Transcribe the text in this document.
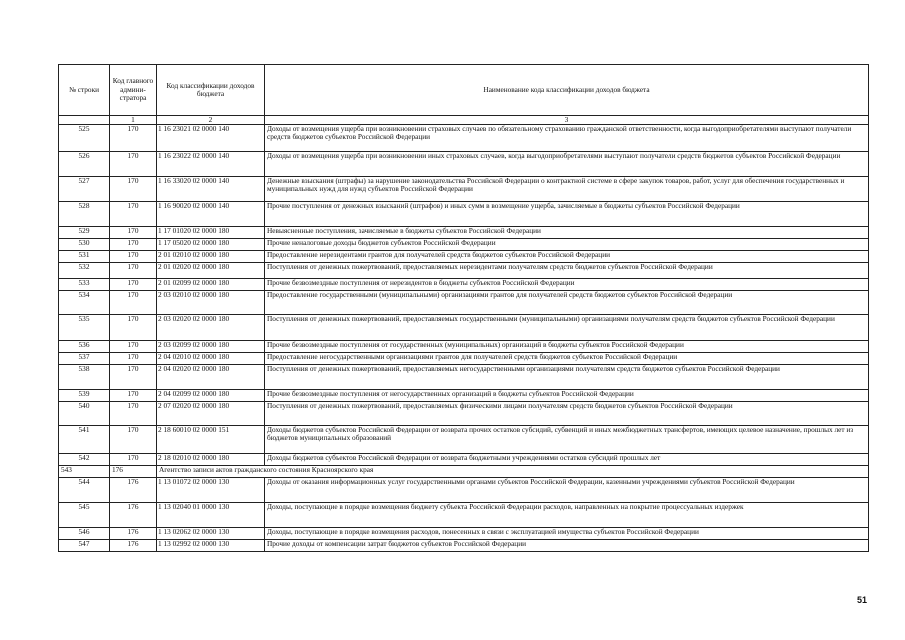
№ строки	Код главного админи-стратора	Код классификации доходов бюджета	Наименование кода классификации доходов бюджета
	1	2	3
525	170	1 16 23021 02 0000 140	Доходы от возмещения ущерба при возникновении страховых случаев по обязательному страхованию гражданской ответственности, когда выгодоприобретателями выступают получатели средств бюджетов субъектов Российской Федерации
526	170	1 16 23022 02 0000 140	Доходы от возмещения ущерба при возникновении иных страховых случаев, когда выгодоприобретателями выступают получатели средств бюджетов субъектов Российской Федерации
527	170	1 16 33020 02 0000 140	Денежные взыскания (штрафы) за нарушение законодательства Российской Федерации о контрактной системе в сфере закупок товаров, работ, услуг для обеспечения государственных и муниципальных нужд для нужд субъектов Российской Федерации
528	170	1 16 90020 02 0000 140	Прочие поступления от денежных взысканий (штрафов) и иных сумм в возмещение ущерба, зачисляемые в бюджеты субъектов Российской Федерации
529	170	1 17 01020 02 0000 180	Невыясненные поступления, зачисляемые в бюджеты субъектов Российской Федерации
530	170	1 17 05020 02 0000 180	Прочие неналоговые доходы бюджетов субъектов Российской Федерации
531	170	2 01 02010 02 0000 180	Предоставление нерезидентами грантов для получателей средств бюджетов субъектов Российской Федерации
532	170	2 01 02020 02 0000 180	Поступления от денежных пожертвований, предоставляемых нерезидентами получателям средств бюджетов субъектов Российской Федерации
533	170	2 01 02099 02 0000 180	Прочие безвозмездные поступления от нерезидентов в бюджеты субъектов Российской Федерации
534	170	2 03 02010 02 0000 180	Предоставление государственными (муниципальными) организациями грантов для получателей средств бюджетов субъектов Российской Федерации
535	170	2 03 02020 02 0000 180	Поступления от денежных пожертвований, предоставляемых государственными (муниципальными) организациями получателям средств бюджетов субъектов Российской Федерации
536	170	2 03 02099 02 0000 180	Прочие безвозмездные поступления от государственных (муниципальных) организаций в бюджеты субъектов Российской Федерации
537	170	2 04 02010 02 0000 180	Предоставление негосударственными организациями грантов для получателей средств бюджетов субъектов Российской Федерации
538	170	2 04 02020 02 0000 180	Поступления от денежных пожертвований, предоставляемых негосударственными организациями получателям средств бюджетов субъектов Российской Федерации
539	170	2 04 02099 02 0000 180	Прочие безвозмездные поступления от негосударственных организаций в бюджеты субъектов Российской Федерации
540	170	2 07 02020 02 0000 180	Поступления от денежных пожертвований, предоставляемых физическими лицами получателям средств бюджетов субъектов Российской Федерации
541	170	2 18 60010 02 0000 151	Доходы бюджетов субъектов Российской Федерации от возврата прочих остатков субсидий, субвенций и иных межбюджетных трансфертов, имеющих целевое назначение, прошлых лет из бюджетов муниципальных образований
542	170	2 18 02010 02 0000 180	Доходы бюджетов субъектов Российской Федерации от возврата бюджетными учреждениями остатков субсидий прошлых лет
543	176	Агентство записи актов гражданского состояния Красноярского края	
544	176	1 13 01072 02 0000 130	Доходы от оказания информационных услуг государственными органами субъектов Российской Федерации, казенными учреждениями субъектов Российской Федерации
545	176	1 13 02040 01 0000 130	Доходы, поступающие в порядке возмещения бюджету субъекта Российской Федерации расходов, направленных на покрытие процессуальных издержек
546	176	1 13 02062 02 0000 130	Доходы, поступающие в порядке возмещения расходов, понесенных в связи с эксплуатацией имущества субъектов Российской Федерации
547	176	1 13 02992 02 0000 130	Прочие доходы от компенсации затрат бюджетов субъектов Российской Федерации
51
